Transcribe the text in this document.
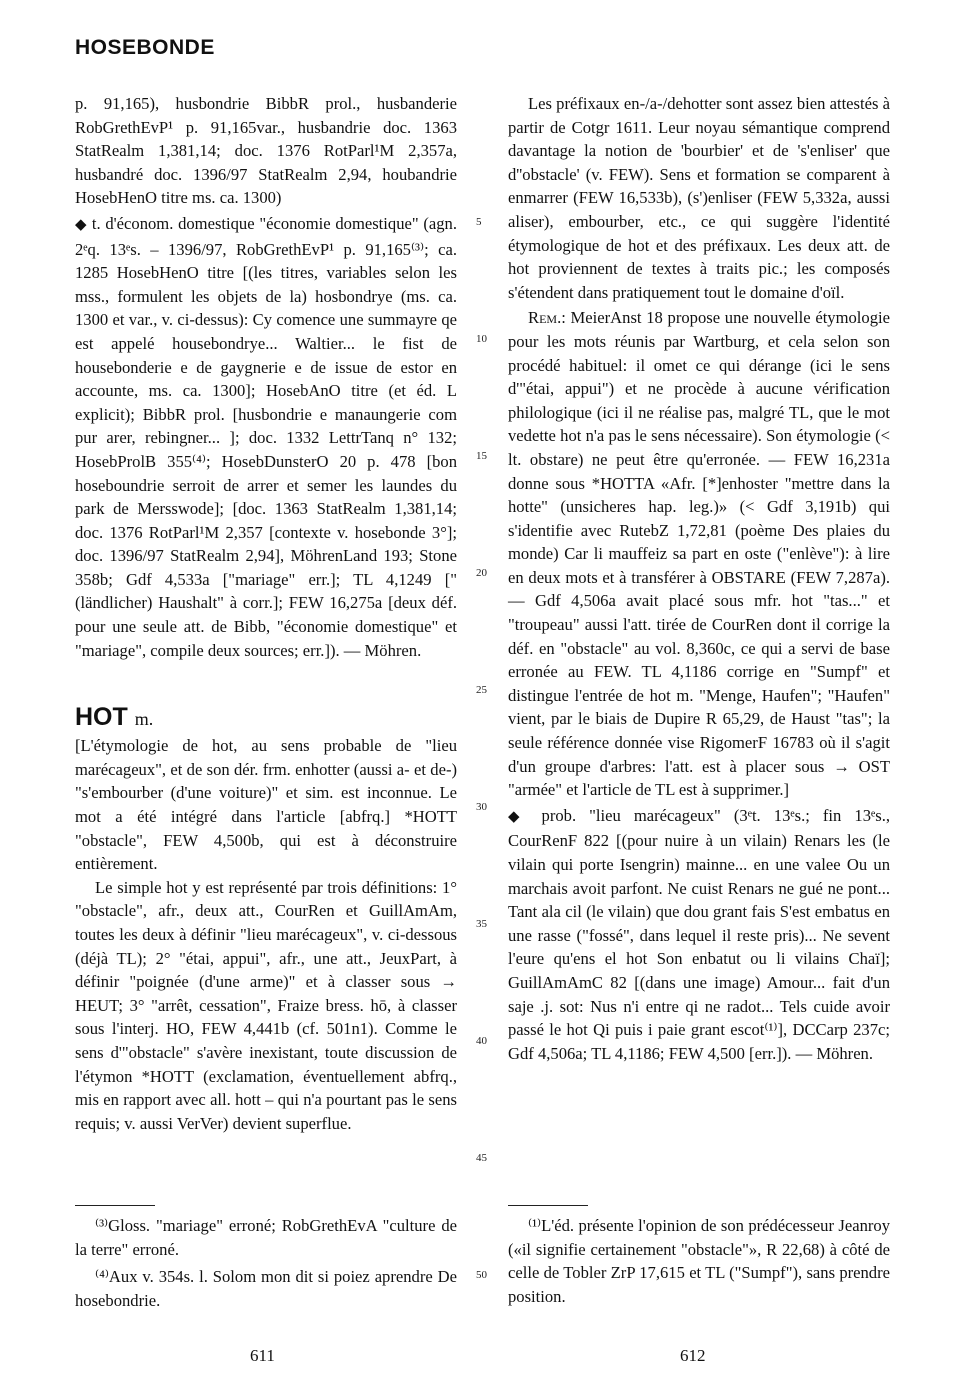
HOSEBONDE

p. 91,165), husbondrie BibbR prol., husbanderie RobGrethEvP¹ p. 91,165var., husbandrie doc. 1363 StatRealm 1,381,14; doc. 1376 RotParl¹M 2,357a, husbandré doc. 1396/97 StatRealm 2,94, houbandrie HosebHenO titre ms. ca. 1300)

◆ t. d'économ. domestique "économie domestique" (agn. 2ᵉq. 13ᵉs. – 1396/97, RobGrethEvP¹ p. 91,165⁽³⁾; ca. 1285 HosebHenO titre [(les titres, variables selon les mss., formulent les objets de la) hosbondrye (ms. ca. 1300 et var., v. ci-dessus): Cy comence une summayre qe est appelé housebondrye... Waltier... le fist de housebonderie e de gaygnerie e de issue de estor en accounte, ms. ca. 1300]; HosebAnO titre (et éd. L explicit); BibbR prol. [husbondrie e manaungerie com pur arer, rebingner... ]; doc. 1332 LettrTanq n° 132; HosebProlB 355⁽⁴⁾; HosebDunsterO 20 p. 478 [bon hoseboundrie serroit de arrer et semer les laundes du park de Mersswode]; [doc. 1363 StatRealm 1,381,14; doc. 1376 RotParl¹M 2,357 [contexte v. hosebonde 3°]; doc. 1396/97 StatRealm 2,94], MöhrenLand 193; Stone 358b; Gdf 4,533a ["mariage" err.]; TL 4,1249 ["(ländlicher) Haushalt" à corr.]; FEW 16,275a [deux déf. pour une seule att. de Bibb, "économie domestique" et "mariage", compile deux sources; err.]). — Möhren.

HOT m.

[L'étymologie de hot, au sens probable de "lieu marécageux", et de son dér. frm. enhotter (aussi a- et de-) "s'embourber (d'une voiture)" et sim. est inconnue. Le mot a été intégré dans l'article [abfrq.] *HOTT "obstacle", FEW 4,500b, qui est à déconstruire entièrement.

Le simple hot y est représenté par trois définitions: 1° "obstacle", afr., deux att., CourRen et GuillAmAm, toutes les deux à définir "lieu marécageux", v. ci-dessous (déjà TL); 2° "étai, appui", afr., une att., JeuxPart, à définir "poignée (d'une arme)" et à classer sous → HEUT; 3° "arrêt, cessation", Fraize bress. hō, à classer sous l'interj. HO, FEW 4,441b (cf. 501n1). Comme le sens d'"obstacle" s'avère inexistant, toute discussion de l'étymon *HOTT (exclamation, éventuellement abfrq., mis en rapport avec all. hott – qui n'a pourtant pas le sens requis; v. aussi VerVer) devient superflue.

5
10
15
20
25
30
35
40
45
50

Les préfixaux en-/a-/dehotter sont assez bien attestés à partir de Cotgr 1611. Leur noyau sémantique comprend davantage la notion de 'bourbier' et de 's'enliser' que d''obstacle' (v. FEW). Sens et formation se comparent à enmarrer (FEW 16,533b), (s')enliser (FEW 5,332a, aussi aliser), embourber, etc., ce qui suggère l'identité étymologique de hot et des préfixaux. Les deux att. de hot proviennent de textes à traits pic.; les composés s'étendent dans pratiquement tout le domaine d'oïl.

Rem.: MeierAnst 18 propose une nouvelle étymologie pour les mots réunis par Wartburg, et cela selon son procédé habituel: il omet ce qui dérange (ici le sens d'"étai, appui") et ne procède à aucune vérification philologique (ici il ne réalise pas, malgré TL, que le mot vedette hot n'a pas le sens nécessaire). Son étymologie (< lt. obstare) ne peut être qu'erronée. — FEW 16,231a donne sous *HOTTA «Afr. [*]enhoster "mettre dans la hotte" (unsicheres hap. leg.)» (< Gdf 3,191b) qui s'identifie avec RutebZ 1,72,81 (poème Des plaies du monde) Car li mauffeiz sa part en oste ("enlève"): à lire en deux mots et à transférer à OBSTARE (FEW 7,287a). — Gdf 4,506a avait placé sous mfr. hot "tas..." et "troupeau" aussi l'att. tirée de CourRen dont il corrige la déf. en "obstacle" au vol. 8,360c, ce qui a servi de base erronée au FEW. TL 4,1186 corrige en "Sumpf" et distingue l'entrée de hot m. "Menge, Haufen"; "Haufen" vient, par le biais de Dupire R 65,29, de Haust "tas"; la seule référence donnée vise RigomerF 16783 où il s'agit d'un groupe d'arbres: l'att. est à placer sous → OST "armée" et l'article de TL est à supprimer.]

◆ prob. "lieu marécageux" (3ᵉt. 13ᵉs.; fin 13ᵉs., CourRenF 822 [(pour nuire à un vilain) Renars les (le vilain qui porte Isengrin) mainne... en une valee Ou un marchais avoit parfont. Ne cuist Renars ne gué ne pont... Tant ala cil (le vilain) que dou grant fais S'est embatus en une rasse ("fossé", dans lequel il reste pris)... Ne sevent l'eure qu'ens el hot Son enbatut ou li vilains Chaï]; GuillAmAmC 82 [(dans une image) Amour... fait d'un saje .j. sot: Nus n'i entre qi ne radot... Tels cuide avoir passé le hot Qi puis i paie grant escot⁽¹⁾], DCCarp 237c; Gdf 4,506a; TL 4,1186; FEW 4,500 [err.]). — Möhren.

⁽³⁾Gloss. "mariage" erroné; RobGrethEvA "culture de la terre" erroné.

⁽⁴⁾Aux v. 354s. l. Solom mon dit si poiez aprendre De hosebondrie.

⁽¹⁾L'éd. présente l'opinion de son prédécesseur Jeanroy («il signifie certainement "obstacle"», R 22,68) à côté de celle de Tobler ZrP 17,615 et TL ("Sumpf"), sans prendre position.

611	612
